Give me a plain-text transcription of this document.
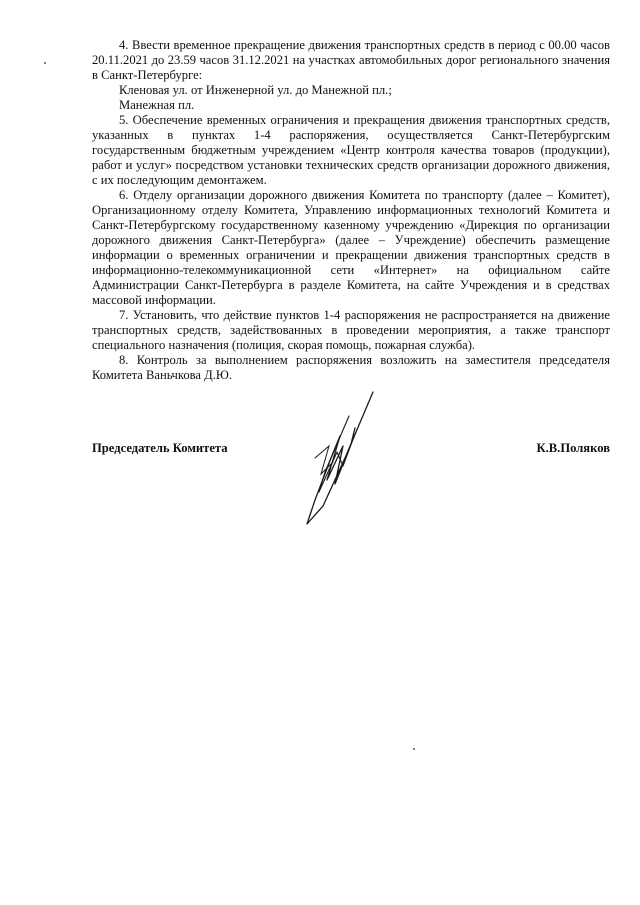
4. Ввести временное прекращение движения транспортных средств в период с 00.00 часов 20.11.2021 до 23.59 часов 31.12.2021 на участках автомобильных дорог регионального значения в Санкт-Петербурге:

Кленовая ул. от Инженерной ул. до Манежной пл.;

Манежная пл.

5. Обеспечение временных ограничения и прекращения движения транспортных средств, указанных в пунктах 1-4 распоряжения, осуществляется Санкт-Петербургским государственным бюджетным учреждением «Центр контроля качества товаров (продукции), работ и услуг» посредством установки технических средств организации дорожного движения, с их последующим демонтажем.

6. Отделу организации дорожного движения Комитета по транспорту (далее – Комитет), Организационному отделу Комитета, Управлению информационных технологий Комитета и Санкт-Петербургскому государственному казенному учреждению «Дирекция по организации дорожного движения Санкт-Петербурга» (далее – Учреждение) обеспечить размещение информации о временных ограничении и прекращении движения транспортных средств в информационно-телекоммуникационной сети «Интернет» на официальном сайте Администрации Санкт-Петербурга в разделе Комитета, на сайте Учреждения и в средствах массовой информации.

7. Установить, что действие пунктов 1-4 распоряжения не распространяется на движение транспортных средств, задействованных в проведении мероприятия, а также транспорт специального назначения (полиция, скорая помощь, пожарная служба).

8. Контроль за выполнением распоряжения возложить на заместителя председателя Комитета Ваньчкова Д.Ю.

Председатель Комитета	К.В.Поляков
